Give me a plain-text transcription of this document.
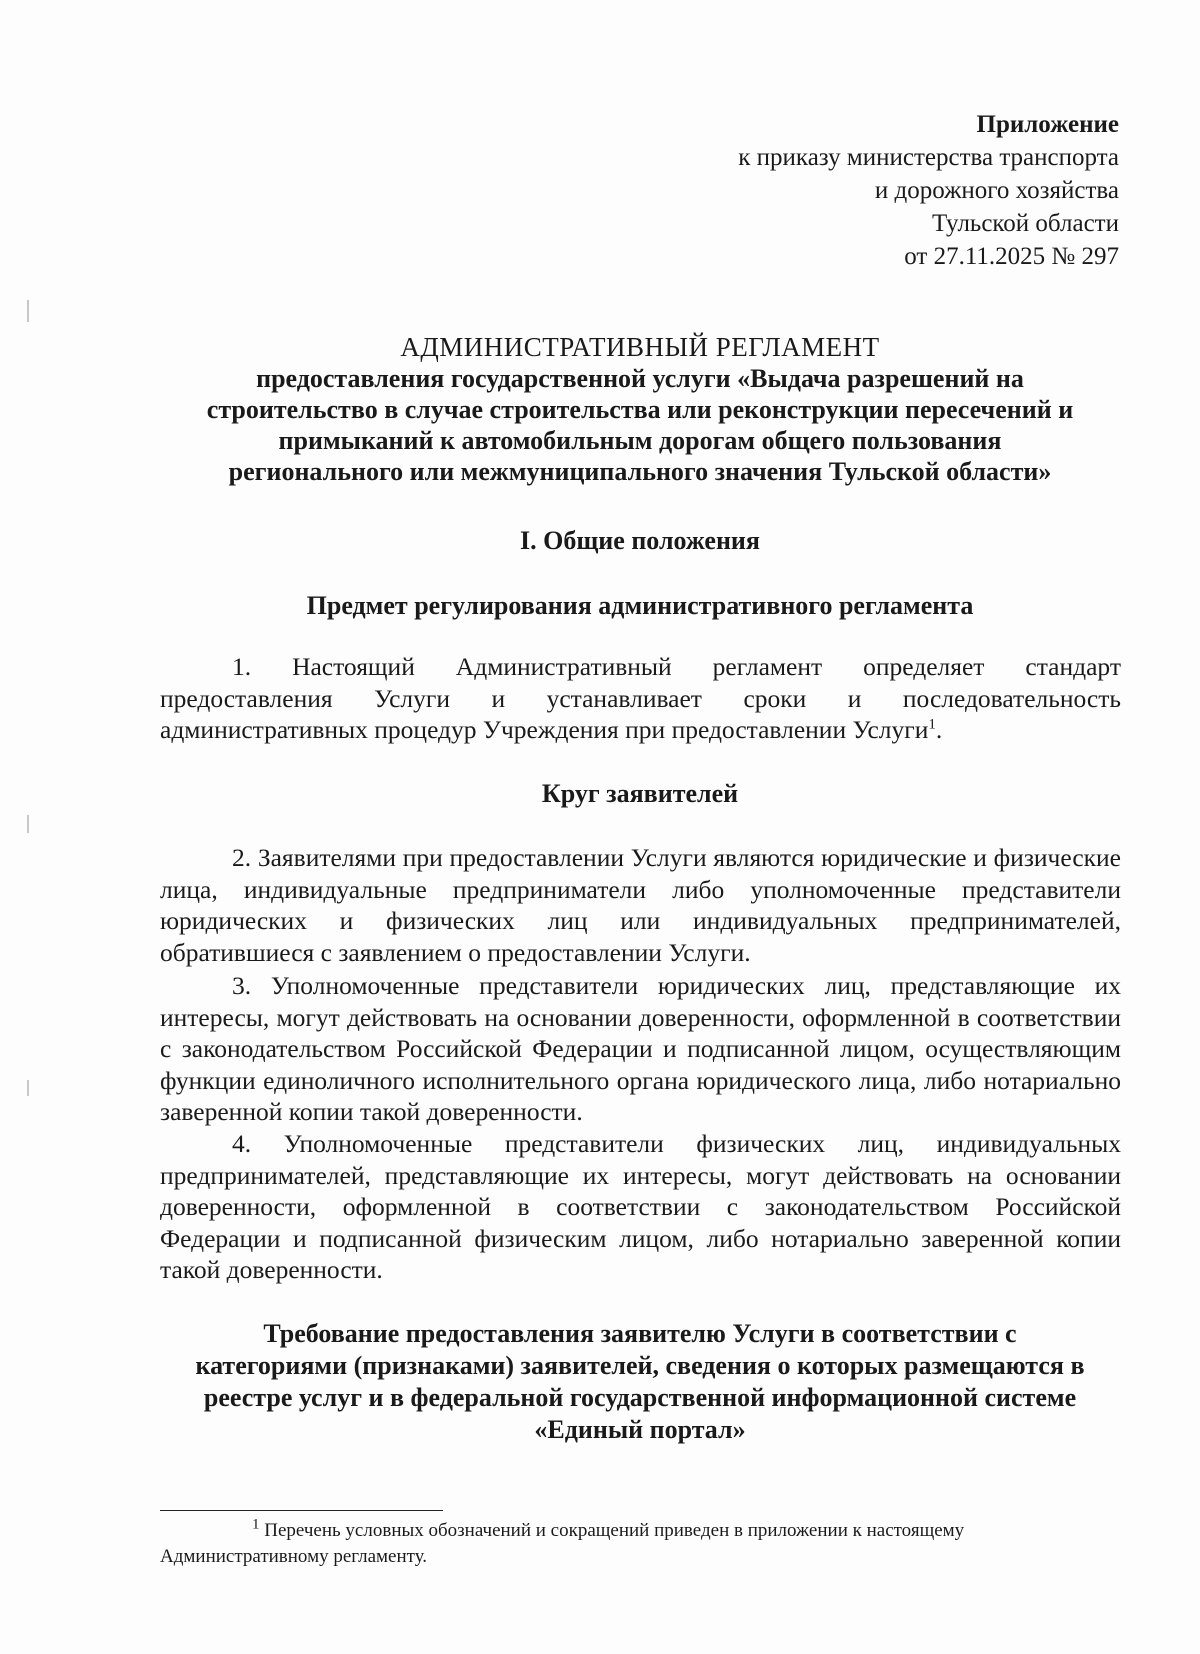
Приложение
к приказу министерства транспорта
и дорожного хозяйства
Тульской области
от 27.11.2025 № 297
АДМИНИСТРАТИВНЫЙ РЕГЛАМЕНТ
предоставления государственной услуги «Выдача разрешений на
строительство в случае строительства или реконструкции пересечений и
примыканий к автомобильным дорогам общего пользования
регионального или межмуниципального значения Тульской области»
I. Общие положения
Предмет регулирования административного регламента
1. Настоящий Административный регламент определяет стандарт предоставления Услуги и устанавливает сроки и последовательность административных процедур Учреждения при предоставлении Услуги$^1$.
Круг заявителей
2. Заявителями при предоставлении Услуги являются юридические и физические лица, индивидуальные предприниматели либо уполномоченные представители юридических и физических лиц или индивидуальных предпринимателей, обратившиеся с заявлением о предоставлении Услуги.
3. Уполномоченные представители юридических лиц, представляющие их интересы, могут действовать на основании доверенности, оформленной в соответствии с законодательством Российской Федерации и подписанной лицом, осуществляющим функции единоличного исполнительного органа юридического лица, либо нотариально заверенной копии такой доверенности.
4. Уполномоченные представители физических лиц, индивидуальных предпринимателей, представляющие их интересы, могут действовать на основании доверенности, оформленной в соответствии с законодательством Российской Федерации и подписанной физическим лицом, либо нотариально заверенной копии такой доверенности.
Требование предоставления заявителю Услуги в соответствии с
категориями (признаками) заявителей, сведения о которых размещаются в
реестре услуг и в федеральной государственной информационной системе
«Единый портал»
$^1$ Перечень условных обозначений и сокращений приведен в приложении к настоящему Административному регламенту.
